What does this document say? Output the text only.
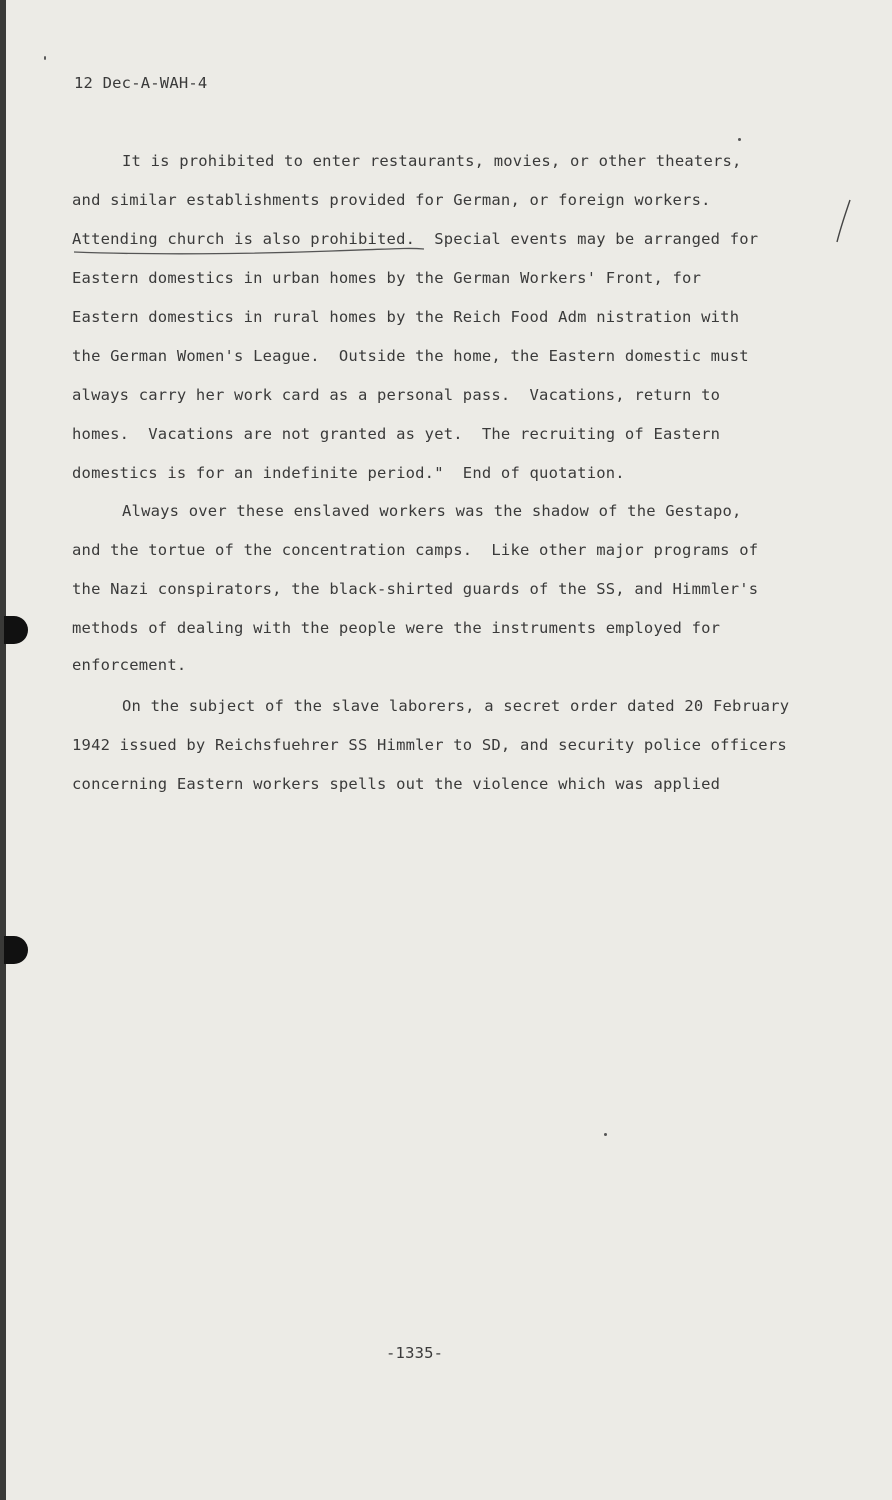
12 Dec-A-WAH-4
It is prohibited to enter restaurants, movies, or other theaters,
and similar establishments provided for German, or foreign workers.
Attending church is also prohibited.  Special events may be arranged for
Eastern domestics in urban homes by the German Workers' Front, for
Eastern domestics in rural homes by the Reich Food Adm nistration with
the German Women's League.  Outside the home, the Eastern domestic must
always carry her work card as a personal pass.  Vacations, return to
homes.  Vacations are not granted as yet.  The recruiting of Eastern
domestics is for an indefinite period."  End of quotation.
Always over these enslaved workers was the shadow of the Gestapo,
and the tortue of the concentration camps.  Like other major programs of
the Nazi conspirators, the black-shirted guards of the SS, and Himmler's
methods of dealing with the people were the instruments employed for
enforcement.
On the subject of the slave laborers, a secret order dated 20 February
1942 issued by Reichsfuehrer SS Himmler to SD, and security police officers
concerning Eastern workers spells out the violence which was applied
-1335-
